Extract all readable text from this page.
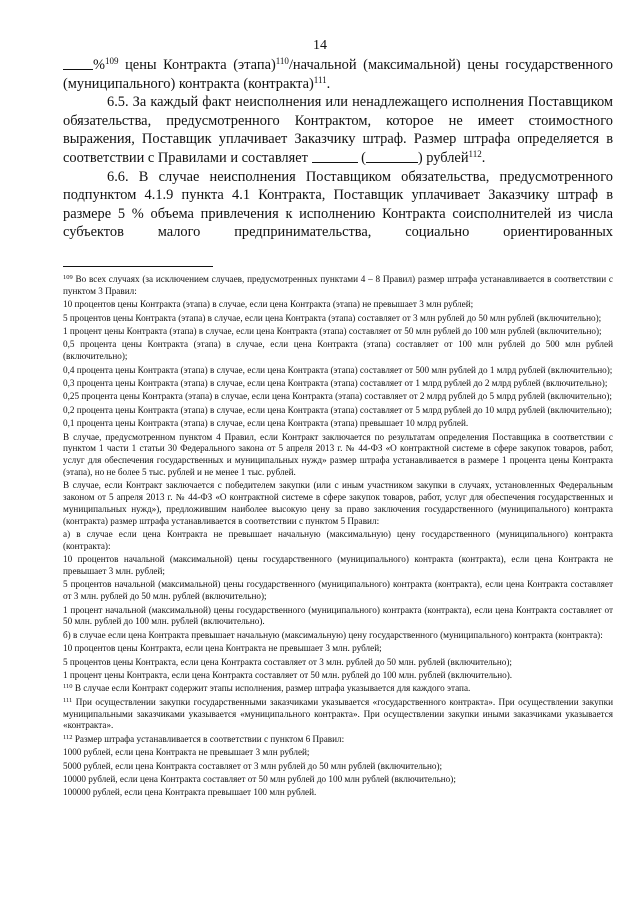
14

%$^{109}$ цены Контракта (этапа)$^{110}$/начальной (максимальной) цены государственного (муниципального) контракта (контракта)$^{111}$.

6.5. За каждый факт неисполнения или ненадлежащего исполнения Поставщиком обязательства, предусмотренного Контрактом, которое не имеет стоимостного выражения, Поставщик уплачивает Заказчику штраф. Размер штрафа определяется в соответствии с Правилами и составляет	(	) рублей$^{112}$.

6.6. В случае неисполнения Поставщиком обязательства, предусмотренного подпунктом 4.1.9 пункта 4.1 Контракта, Поставщик уплачивает Заказчику штраф в размере 5 % объема привлечения к исполнению Контракта соисполнителей из числа субъектов малого предпринимательства, социально ориентированных

$^{109}$ Во всех случаях (за исключением случаев, предусмотренных пунктами 4 – 8 Правил) размер штрафа устанавливается в соответствии с пунктом 3 Правил:

10 процентов цены Контракта (этапа) в случае, если цена Контракта (этапа) не превышает 3 млн рублей;

5 процентов цены Контракта (этапа) в случае, если цена Контракта (этапа) составляет от 3 млн рублей до 50 млн рублей (включительно);

1 процент цены Контракта (этапа) в случае, если цена Контракта (этапа) составляет от 50 млн рублей до 100 млн рублей (включительно);

0,5 процента цены Контракта (этапа) в случае, если цена Контракта (этапа) составляет от 100 млн рублей до 500 млн рублей (включительно);

0,4 процента цены Контракта (этапа) в случае, если цена Контракта (этапа) составляет от 500 млн рублей до 1 млрд рублей (включительно);

0,3 процента цены Контракта (этапа) в случае, если цена Контракта (этапа) составляет от 1 млрд рублей до 2 млрд рублей (включительно);

0,25 процента цены Контракта (этапа) в случае, если цена Контракта (этапа) составляет от 2 млрд рублей до 5 млрд рублей (включительно);

0,2 процента цены Контракта (этапа) в случае, если цена Контракта (этапа) составляет от 5 млрд рублей до 10 млрд рублей (включительно);

0,1 процента цены Контракта (этапа) в случае, если цена Контракта (этапа) превышает 10 млрд рублей.

В случае, предусмотренном пунктом 4 Правил, если Контракт заключается по результатам определения Поставщика в соответствии с пунктом 1 части 1 статьи 30 Федерального закона от 5 апреля 2013 г. № 44-ФЗ «О контрактной системе в сфере закупок товаров, работ, услуг для обеспечения государственных и муниципальных нужд» размер штрафа устанавливается в размере 1 процента цены Контракта (этапа), но не более 5 тыс. рублей и не менее 1 тыс. рублей.

В случае, если Контракт заключается с победителем закупки (или с иным участником закупки в случаях, установленных Федеральным законом от 5 апреля 2013 г. № 44-ФЗ «О контрактной системе в сфере закупок товаров, работ, услуг для обеспечения государственных и муниципальных нужд»), предложившим наиболее высокую цену за право заключения государственного (муниципального) контракта (контракта) размер штрафа устанавливается в соответствии с пунктом 5 Правил:

а) в случае если цена Контракта не превышает начальную (максимальную) цену государственного (муниципального) контракта (контракта):

10 процентов начальной (максимальной) цены государственного (муниципального) контракта (контракта), если цена Контракта не превышает 3 млн. рублей;

5 процентов начальной (максимальной) цены государственного (муниципального) контракта (контракта), если цена Контракта составляет от 3 млн. рублей до 50 млн. рублей (включительно);

1 процент начальной (максимальной) цены государственного (муниципального) контракта (контракта), если цена Контракта составляет от 50 млн. рублей до 100 млн. рублей (включительно).

б) в случае если цена Контракта превышает начальную (максимальную) цену государственного (муниципального) контракта (контракта):

10 процентов цены Контракта, если цена Контракта не превышает 3 млн. рублей;

5 процентов цены Контракта, если цена Контракта составляет от 3 млн. рублей до 50 млн. рублей (включительно);

1 процент цены Контракта, если цена Контракта составляет от 50 млн. рублей до 100 млн. рублей (включительно).

$^{110}$ В случае если Контракт содержит этапы исполнения, размер штрафа указывается для каждого этапа.

$^{111}$ При осуществлении закупки государственными заказчиками указывается «государственного контракта». При осуществлении закупки муниципальными заказчиками указывается «муниципального контракта». При осуществлении закупки иными заказчиками указывается «контракта».

$^{112}$ Размер штрафа устанавливается в соответствии с пунктом 6 Правил:

1000 рублей, если цена Контракта не превышает 3 млн рублей;

5000 рублей, если цена Контракта составляет от 3 млн рублей до 50 млн рублей (включительно);

10000 рублей, если цена Контракта составляет от 50 млн рублей до 100 млн рублей (включительно);

100000 рублей, если цена Контракта превышает 100 млн рублей.
